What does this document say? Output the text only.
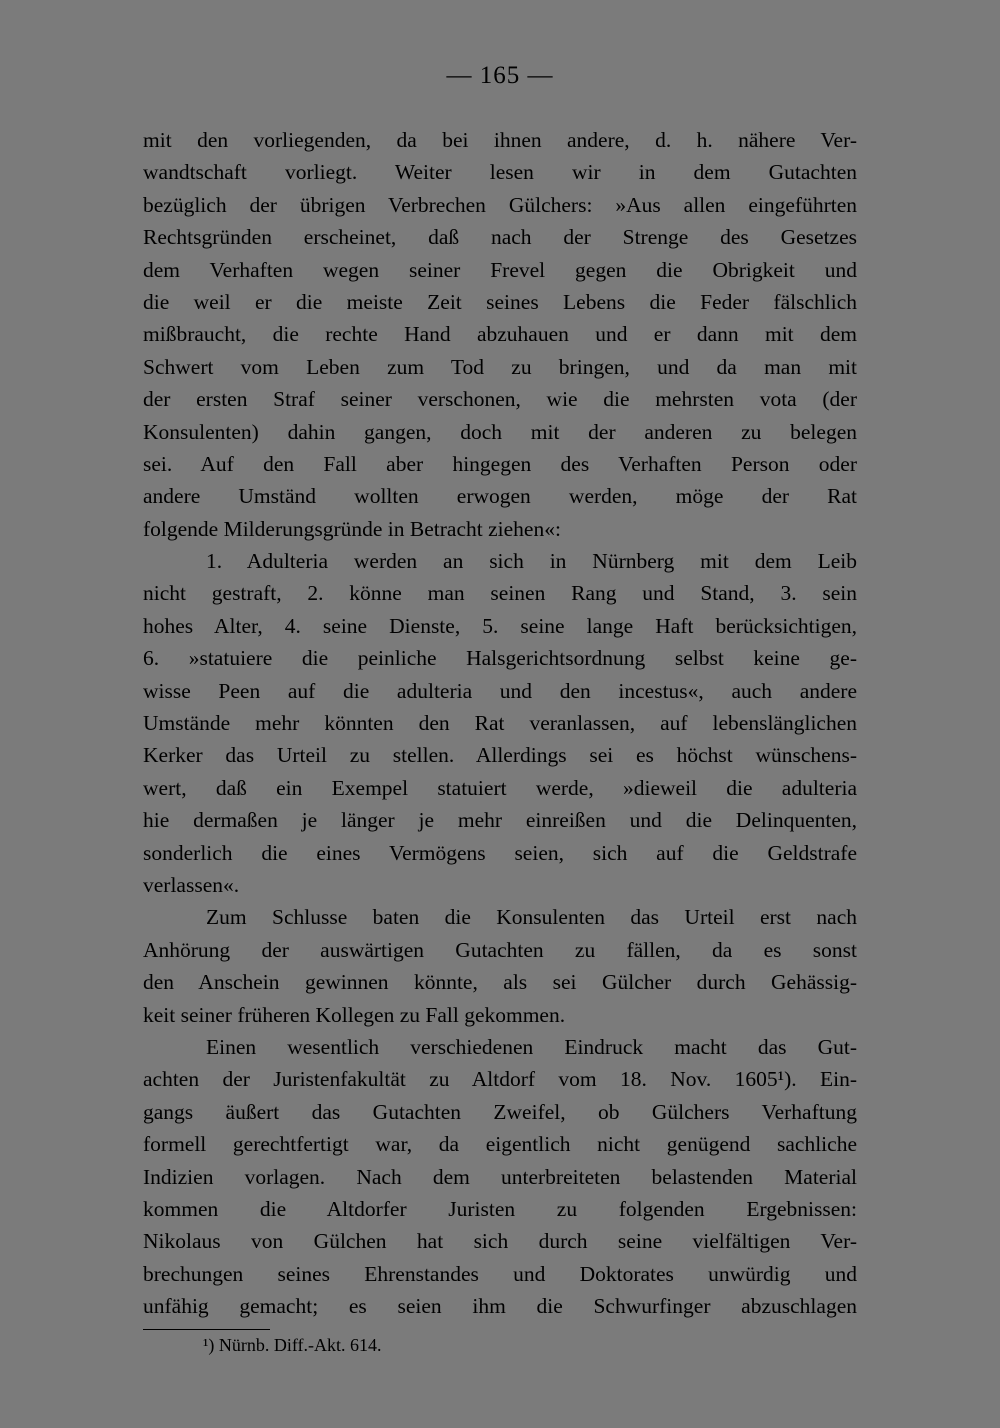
— 165 —
mit den vorliegenden, da bei ihnen andere, d. h. nähere Ver-
wandtschaft vorliegt. Weiter lesen wir in dem Gutachten
bezüglich der übrigen Verbrechen Gülchers: »Aus allen eingeführten
Rechtsgründen erscheinet, daß nach der Strenge des Gesetzes
dem Verhaften wegen seiner Frevel gegen die Obrigkeit und
die weil er die meiste Zeit seines Lebens die Feder fälschlich
mißbraucht, die rechte Hand abzuhauen und er dann mit dem
Schwert vom Leben zum Tod zu bringen, und da man mit
der ersten Straf seiner verschonen, wie die mehrsten vota (der
Konsulenten) dahin gangen, doch mit der anderen zu belegen
sei. Auf den Fall aber hingegen des Verhaften Person oder
andere Umständ wollten erwogen werden, möge der Rat
folgende Milderungsgründe in Betracht ziehen«:
1. Adulteria werden an sich in Nürnberg mit dem Leib
nicht gestraft, 2. könne man seinen Rang und Stand, 3. sein
hohes Alter, 4. seine Dienste, 5. seine lange Haft berücksichtigen,
6. »statuiere die peinliche Halsgerichtsordnung selbst keine ge-
wisse Peen auf die adulteria und den incestus«, auch andere
Umstände mehr könnten den Rat veranlassen, auf lebenslänglichen
Kerker das Urteil zu stellen. Allerdings sei es höchst wünschens-
wert, daß ein Exempel statuiert werde, »dieweil die adulteria
hie dermaßen je länger je mehr einreißen und die Delinquenten,
sonderlich die eines Vermögens seien, sich auf die Geldstrafe
verlassen«.
Zum Schlusse baten die Konsulenten das Urteil erst nach
Anhörung der auswärtigen Gutachten zu fällen, da es sonst
den Anschein gewinnen könnte, als sei Gülcher durch Gehässig-
keit seiner früheren Kollegen zu Fall gekommen.
Einen wesentlich verschiedenen Eindruck macht das Gut-
achten der Juristenfakultät zu Altdorf vom 18. Nov. 1605¹). Ein-
gangs äußert das Gutachten Zweifel, ob Gülchers Verhaftung
formell gerechtfertigt war, da eigentlich nicht genügend sachliche
Indizien vorlagen. Nach dem unterbreiteten belastenden Material
kommen die Altdorfer Juristen zu folgenden Ergebnissen:
Nikolaus von Gülchen hat sich durch seine vielfältigen Ver-
brechungen seines Ehrenstandes und Doktorates unwürdig und
unfähig gemacht; es seien ihm die Schwurfinger abzuschlagen
¹) Nürnb. Diff.-Akt. 614.
